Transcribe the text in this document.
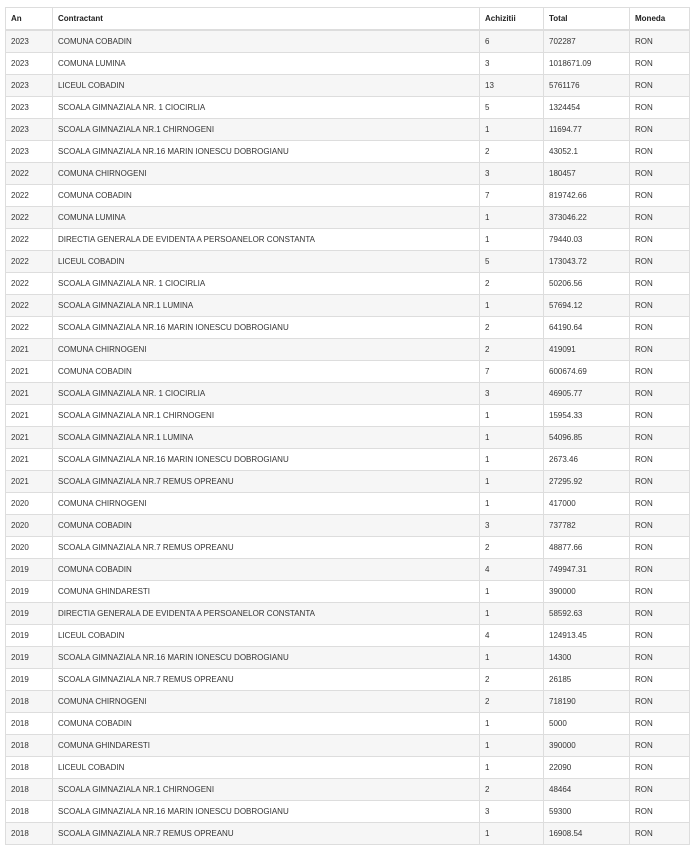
An	Contractant	Achizitii	Total	Moneda
2023	COMUNA COBADIN	6	702287	RON
2023	COMUNA LUMINA	3	1018671.09	RON
2023	LICEUL COBADIN	13	5761176	RON
2023	SCOALA GIMNAZIALA NR. 1 CIOCIRLIA	5	1324454	RON
2023	SCOALA GIMNAZIALA NR.1 CHIRNOGENI	1	11694.77	RON
2023	SCOALA GIMNAZIALA NR.16 MARIN IONESCU DOBROGIANU	2	43052.1	RON
2022	COMUNA CHIRNOGENI	3	180457	RON
2022	COMUNA COBADIN	7	819742.66	RON
2022	COMUNA LUMINA	1	373046.22	RON
2022	DIRECTIA GENERALA DE EVIDENTA A PERSOANELOR CONSTANTA	1	79440.03	RON
2022	LICEUL COBADIN	5	173043.72	RON
2022	SCOALA GIMNAZIALA NR. 1 CIOCIRLIA	2	50206.56	RON
2022	SCOALA GIMNAZIALA NR.1 LUMINA	1	57694.12	RON
2022	SCOALA GIMNAZIALA NR.16 MARIN IONESCU DOBROGIANU	2	64190.64	RON
2021	COMUNA CHIRNOGENI	2	419091	RON
2021	COMUNA COBADIN	7	600674.69	RON
2021	SCOALA GIMNAZIALA NR. 1 CIOCIRLIA	3	46905.77	RON
2021	SCOALA GIMNAZIALA NR.1 CHIRNOGENI	1	15954.33	RON
2021	SCOALA GIMNAZIALA NR.1 LUMINA	1	54096.85	RON
2021	SCOALA GIMNAZIALA NR.16 MARIN IONESCU DOBROGIANU	1	2673.46	RON
2021	SCOALA GIMNAZIALA NR.7 REMUS OPREANU	1	27295.92	RON
2020	COMUNA CHIRNOGENI	1	417000	RON
2020	COMUNA COBADIN	3	737782	RON
2020	SCOALA GIMNAZIALA NR.7 REMUS OPREANU	2	48877.66	RON
2019	COMUNA COBADIN	4	749947.31	RON
2019	COMUNA GHINDARESTI	1	390000	RON
2019	DIRECTIA GENERALA DE EVIDENTA A PERSOANELOR CONSTANTA	1	58592.63	RON
2019	LICEUL COBADIN	4	124913.45	RON
2019	SCOALA GIMNAZIALA NR.16 MARIN IONESCU DOBROGIANU	1	14300	RON
2019	SCOALA GIMNAZIALA NR.7 REMUS OPREANU	2	26185	RON
2018	COMUNA CHIRNOGENI	2	718190	RON
2018	COMUNA COBADIN	1	5000	RON
2018	COMUNA GHINDARESTI	1	390000	RON
2018	LICEUL COBADIN	1	22090	RON
2018	SCOALA GIMNAZIALA NR.1 CHIRNOGENI	2	48464	RON
2018	SCOALA GIMNAZIALA NR.16 MARIN IONESCU DOBROGIANU	3	59300	RON
2018	SCOALA GIMNAZIALA NR.7 REMUS OPREANU	1	16908.54	RON
